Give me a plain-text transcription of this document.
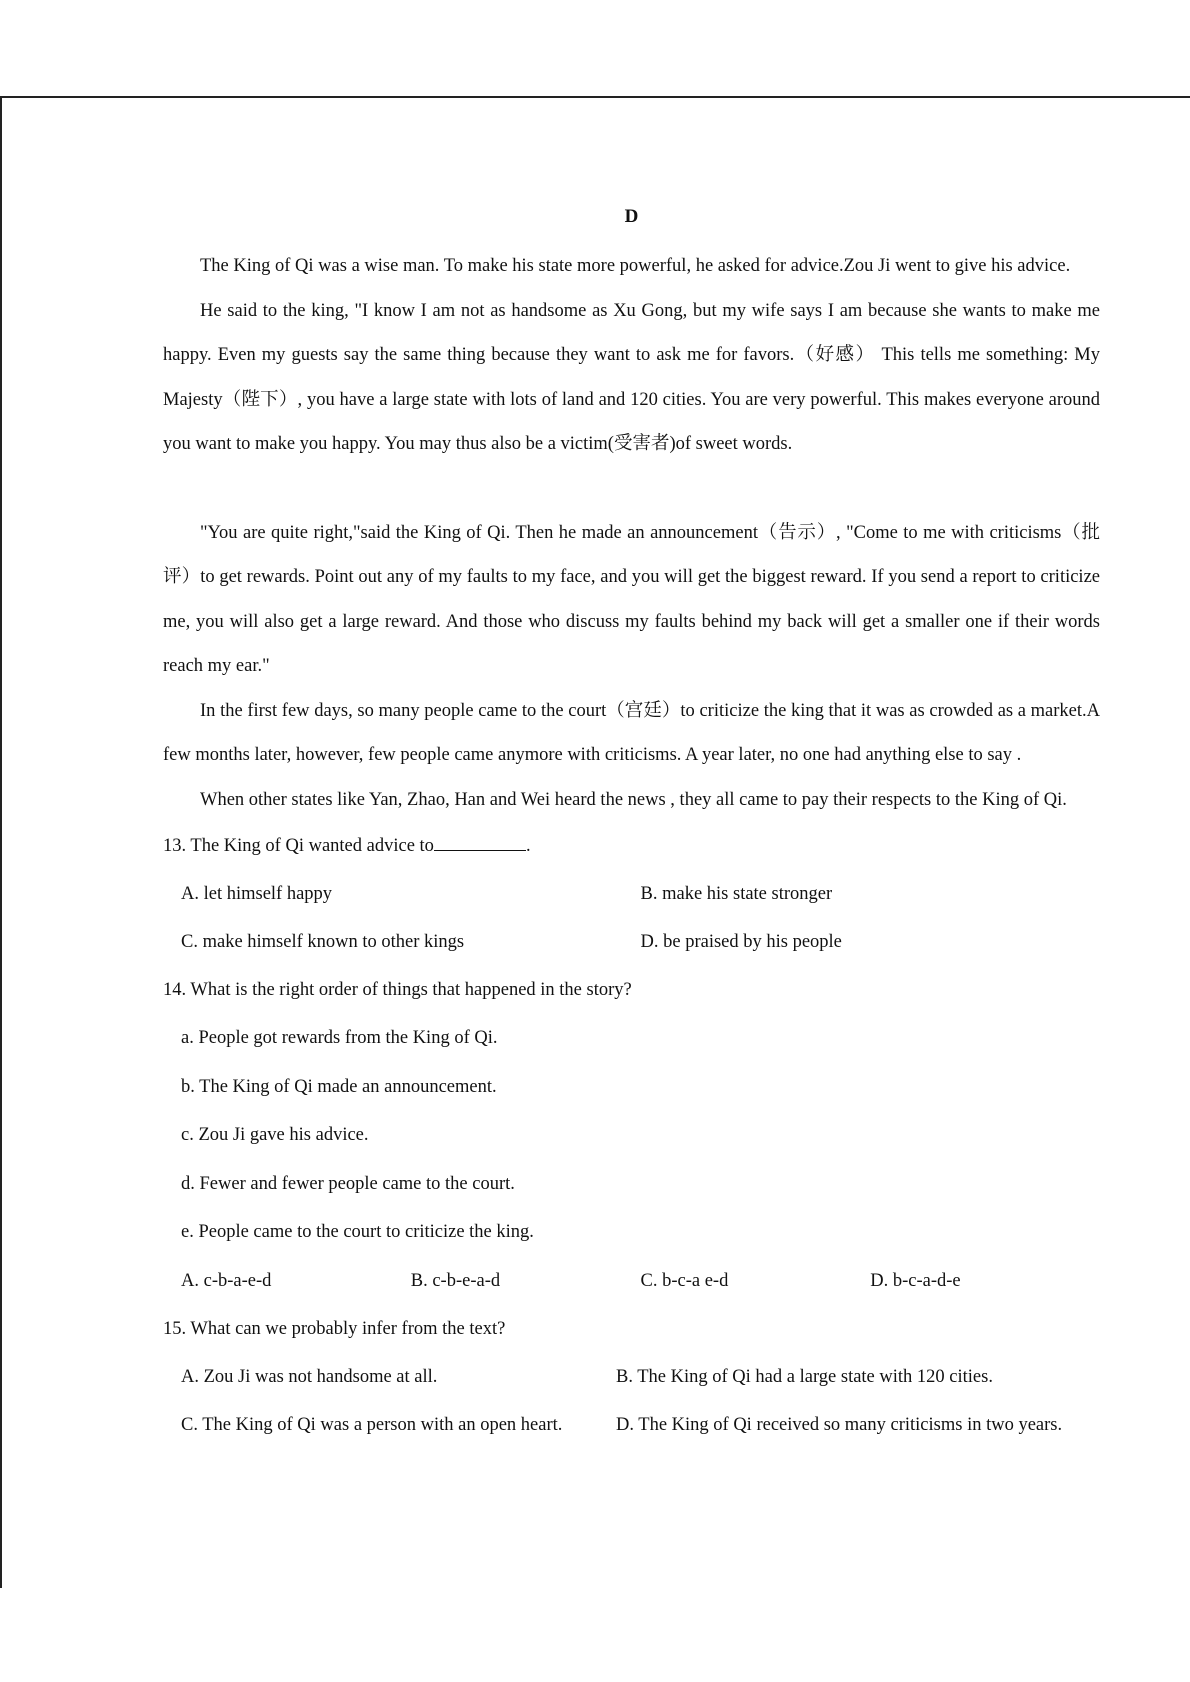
D

The King of Qi was a wise man. To make his state more powerful, he asked for advice.Zou Ji went to give his advice.

He said to the king, "I know I am not as handsome as Xu Gong, but my wife says I am because she wants to make me happy. Even my guests say the same thing because they want to ask me for favors.（好感） This tells me something: My Majesty（陛下）, you have a large state with lots of land and 120 cities. You are very powerful. This makes everyone around you want to make you happy. You may thus also be a victim(受害者)of sweet words.

"You are quite right,"said the King of Qi. Then he made an announcement（告示）, "Come to me with criticisms（批评）to get rewards. Point out any of my faults to my face, and you will get the biggest reward. If you send a report to criticize me, you will also get a large reward. And those who discuss my faults behind my back will get a smaller one if their words reach my ear."

In the first few days, so many people came to the court（宫廷）to criticize the king that it was as crowded as a market.A few months later, however, few people came anymore with criticisms. A year later, no one had anything else to say .

When other states like Yan, Zhao, Han and Wei heard the news , they all came to pay their respects to the King of Qi.

13. The King of Qi wanted advice to	.
A. let himself happy	B. make his state stronger
C. make himself known to other kings	D. be praised by his people
14. What is the right order of things that happened in the story?
a. People got rewards from the King of Qi.
b. The King of Qi made an announcement.
c. Zou Ji gave his advice.
d. Fewer and fewer people came to the court.
e. People came to the court to criticize the king.
A. c-b-a-e-d	B. c-b-e-a-d	C. b-c-a e-d	D. b-c-a-d-e
15. What can we probably infer from the text?
A. Zou Ji was not handsome at all.	B. The King of Qi had a large state with 120 cities.
C. The King of Qi was a person with an open heart.	D. The King of Qi received so many criticisms in two years.
